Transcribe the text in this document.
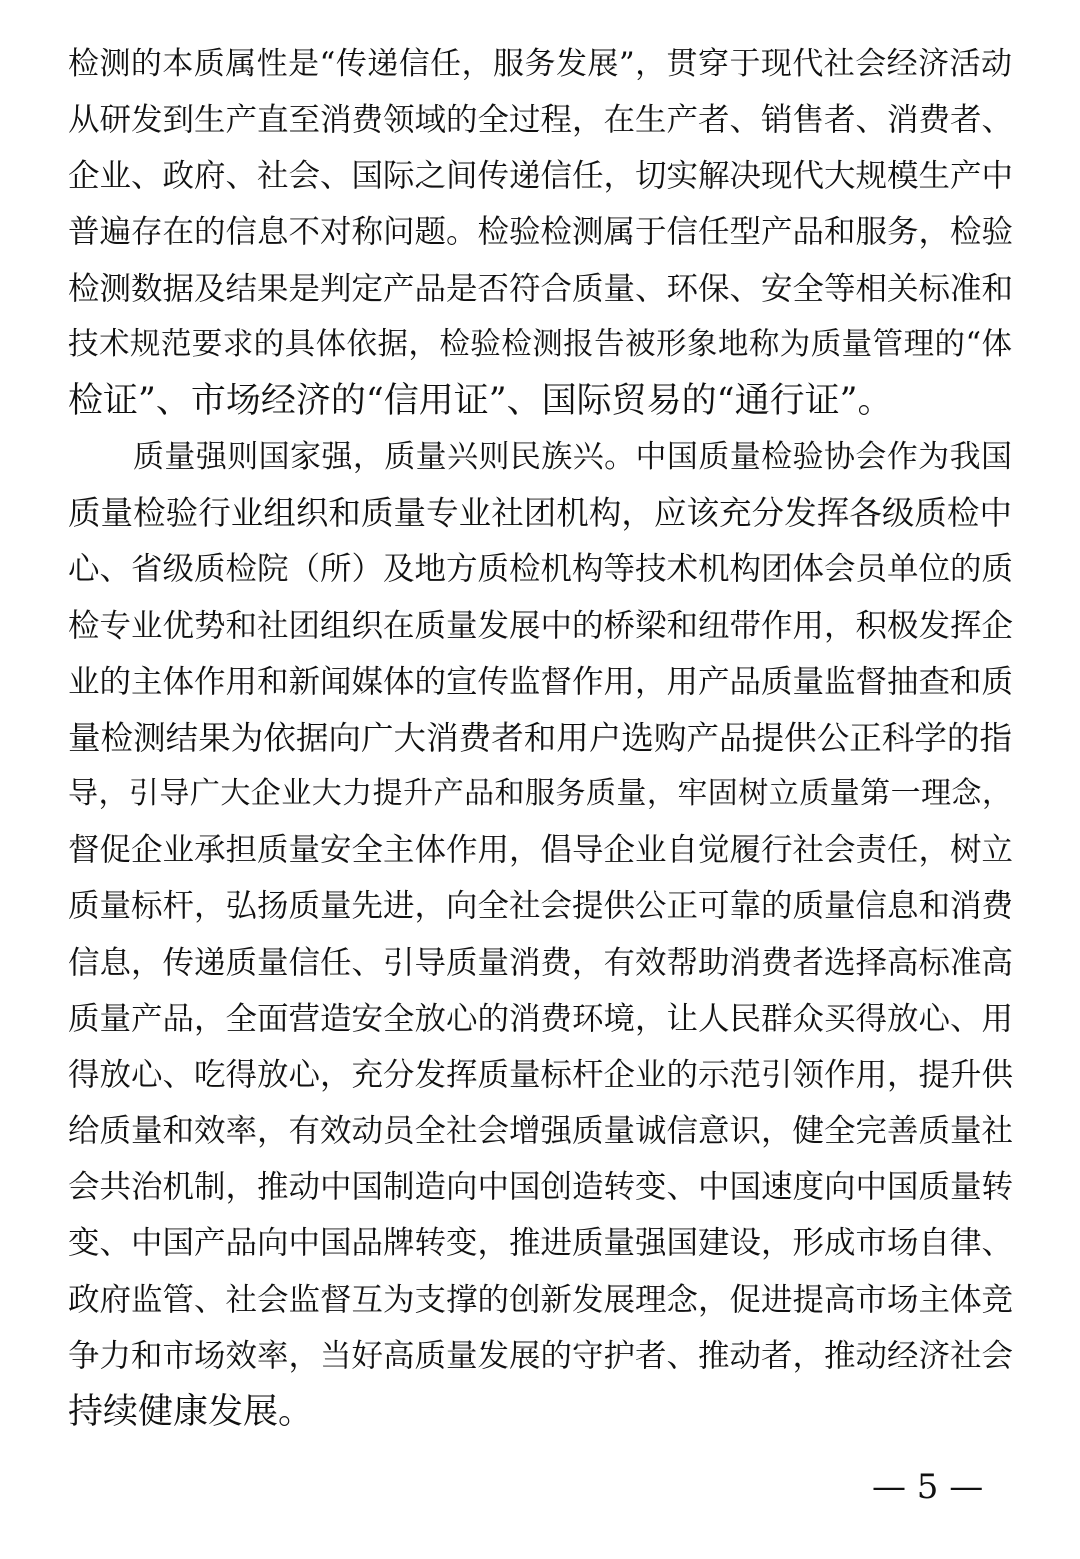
检测的本质属性是“传递信任，服务发展”，贯穿于现代社会经济活动
从研发到生产直至消费领域的全过程，在生产者、销售者、消费者、
企业、政府、社会、国际之间传递信任，切实解决现代大规模生产中
普遍存在的信息不对称问题。检验检测属于信任型产品和服务，检验
检测数据及结果是判定产品是否符合质量、环保、安全等相关标准和
技术规范要求的具体依据，检验检测报告被形象地称为质量管理的“体
检证”、市场经济的“信用证”、国际贸易的“通行证”。
质量强则国家强，质量兴则民族兴。中国质量检验协会作为我国
质量检验行业组织和质量专业社团机构，应该充分发挥各级质检中
心、省级质检院（所）及地方质检机构等技术机构团体会员单位的质
检专业优势和社团组织在质量发展中的桥梁和纽带作用，积极发挥企
业的主体作用和新闻媒体的宣传监督作用，用产品质量监督抽查和质
量检测结果为依据向广大消费者和用户选购产品提供公正科学的指
导，引导广大企业大力提升产品和服务质量，牢固树立质量第一理念，
督促企业承担质量安全主体作用，倡导企业自觉履行社会责任，树立
质量标杆，弘扬质量先进，向全社会提供公正可靠的质量信息和消费
信息，传递质量信任、引导质量消费，有效帮助消费者选择高标准高
质量产品，全面营造安全放心的消费环境，让人民群众买得放心、用
得放心、吃得放心，充分发挥质量标杆企业的示范引领作用，提升供
给质量和效率，有效动员全社会增强质量诚信意识，健全完善质量社
会共治机制，推动中国制造向中国创造转变、中国速度向中国质量转
变、中国产品向中国品牌转变，推进质量强国建设，形成市场自律、
政府监管、社会监督互为支撑的创新发展理念，促进提高市场主体竞
争力和市场效率，当好高质量发展的守护者、推动者，推动经济社会
持续健康发展。
— 5 —
